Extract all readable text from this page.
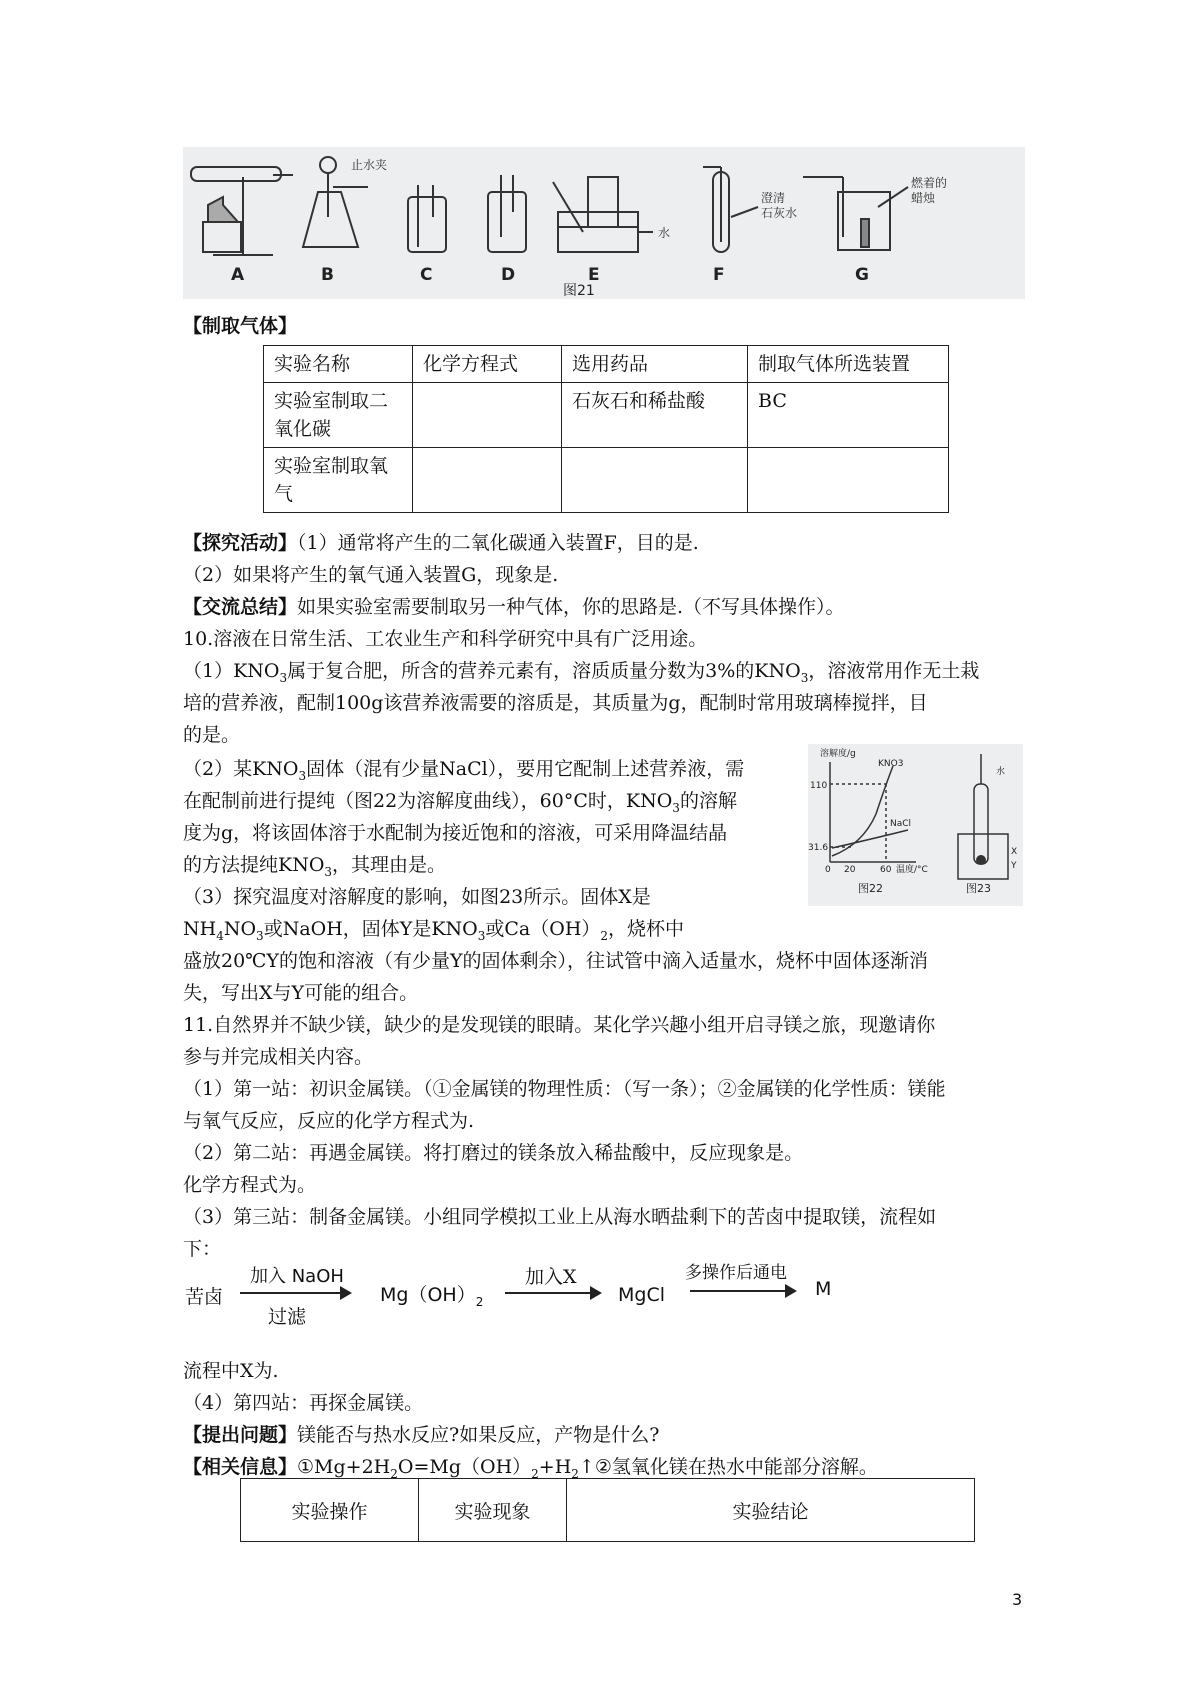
A	B	C	D	E	F	G
止水夹
水
澄清
石灰水
燃着的
蜡烛
图21
【制取气体】
实验名称	化学方程式	选用药品	制取气体所选装置
实验室制取二氧化碳		石灰石和稀盐酸	BC
实验室制取氧气			
【探究活动】（1）通常将产生的二氧化碳通入装置F，目的是.
（2）如果将产生的氧气通入装置G，现象是.
【交流总结】如果实验室需要制取另一种气体，你的思路是.（不写具体操作）。
10.溶液在日常生活、工农业生产和科学研究中具有广泛用途。
$(1)KNO_3$属于复合肥，所含的营养元素有，溶质质量分数为3%的$KNO_3$，溶液常用作无土栽
培的营养液，配制100g该营养液需要的溶质是，其质量为g，配制时常用玻璃棒搅拌，目
的是。
（2）某$KNO_3$固体（混有少量NaCl），要用它配制上述营养液，需
在配制前进行提纯（图22为溶解度曲线），60°C时，$KNO_3$的溶解
度为g，将该固体溶于水配制为接近饱和的溶液，可采用降温结晶
的方法提纯$KNO_3$，其理由是。
（3）探究温度对溶解度的影响，如图23所示。固体X是
$NH_4NO_3$或NaOH，固体Y是$KNO_3$或$Ca(OH)_2$，烧杯中
盛放20℃Y的饱和溶液（有少量Y的固体剩余），往试管中滴入适量水，烧杯中固体逐渐消
失，写出X与Y可能的组合。
溶解度/g
KNO3
NaCl
110
31.6
0 20	60 温度/°C
图22
水
X
Y
图23
11.自然界并不缺少镁，缺少的是发现镁的眼睛。某化学兴趣小组开启寻镁之旅，现邀请你
参与并完成相关内容。
（1）第一站：初识金属镁。（①金属镁的物理性质：（写一条）；②金属镁的化学性质：镁能
与氧气反应，反应的化学方程式为.
（2）第二站：再遇金属镁。将打磨过的镁条放入稀盐酸中，反应现象是。
化学方程式为。
（3）第三站：制备金属镁。小组同学模拟工业上从海水晒盐剩下的苦卤中提取镁，流程如
下：
苦卤
加入 NaOH
过滤
$Mg(OH)_2$
加入X
MgCl
多操作后通电
M
流程中X为.
（4）第四站：再探金属镁。
【提出问题】镁能否与热水反应?如果反应，产物是什么?
【相关信息】$①Mg+2H_2O=Mg(OH)_2+H_2↑②$氢氧化镁在热水中能部分溶解。
实验操作	实验现象	实验结论
3
